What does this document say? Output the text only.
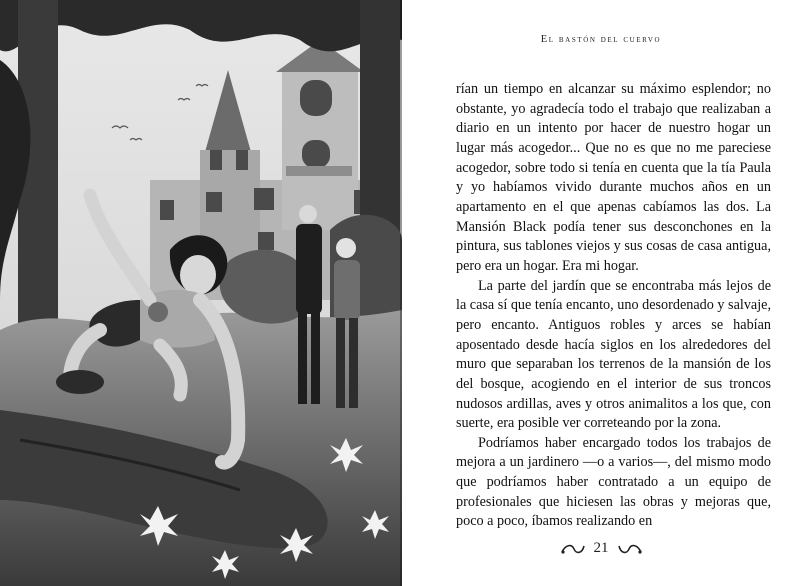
El bastón del cuervo

rían un tiempo en alcanzar su máximo esplendor; no obstante, yo agradecía todo el trabajo que realizaban a diario en un intento por hacer de nuestro hogar un lugar más acogedor... Que no es que no me pareciese acogedor, sobre todo si tenía en cuenta que la tía Paula y yo habíamos vivido durante muchos años en un apartamento en el que apenas cabíamos las dos. La Mansión Black podía tener sus desconchones en la pintura, sus tablones viejos y sus cosas de casa antigua, pero era un hogar. Era mi hogar.

La parte del jardín que se encontraba más lejos de la casa sí que tenía encanto, uno desordenado y salvaje, pero encanto. Antiguos robles y arces se habían aposentado desde hacía siglos en los alrededores del muro que separaban los terrenos de la mansión de los del bosque, acogiendo en el interior de sus troncos nudosos ardillas, aves y otros animalitos a los que, con suerte, era posible ver correteando por la zona.

Podríamos haber encargado todos los trabajos de mejora a un jardinero —o a varios—, del mismo modo que podríamos haber contratado a un equipo de profesionales que hiciesen las obras y mejoras que, poco a poco, íbamos realizando en

21
